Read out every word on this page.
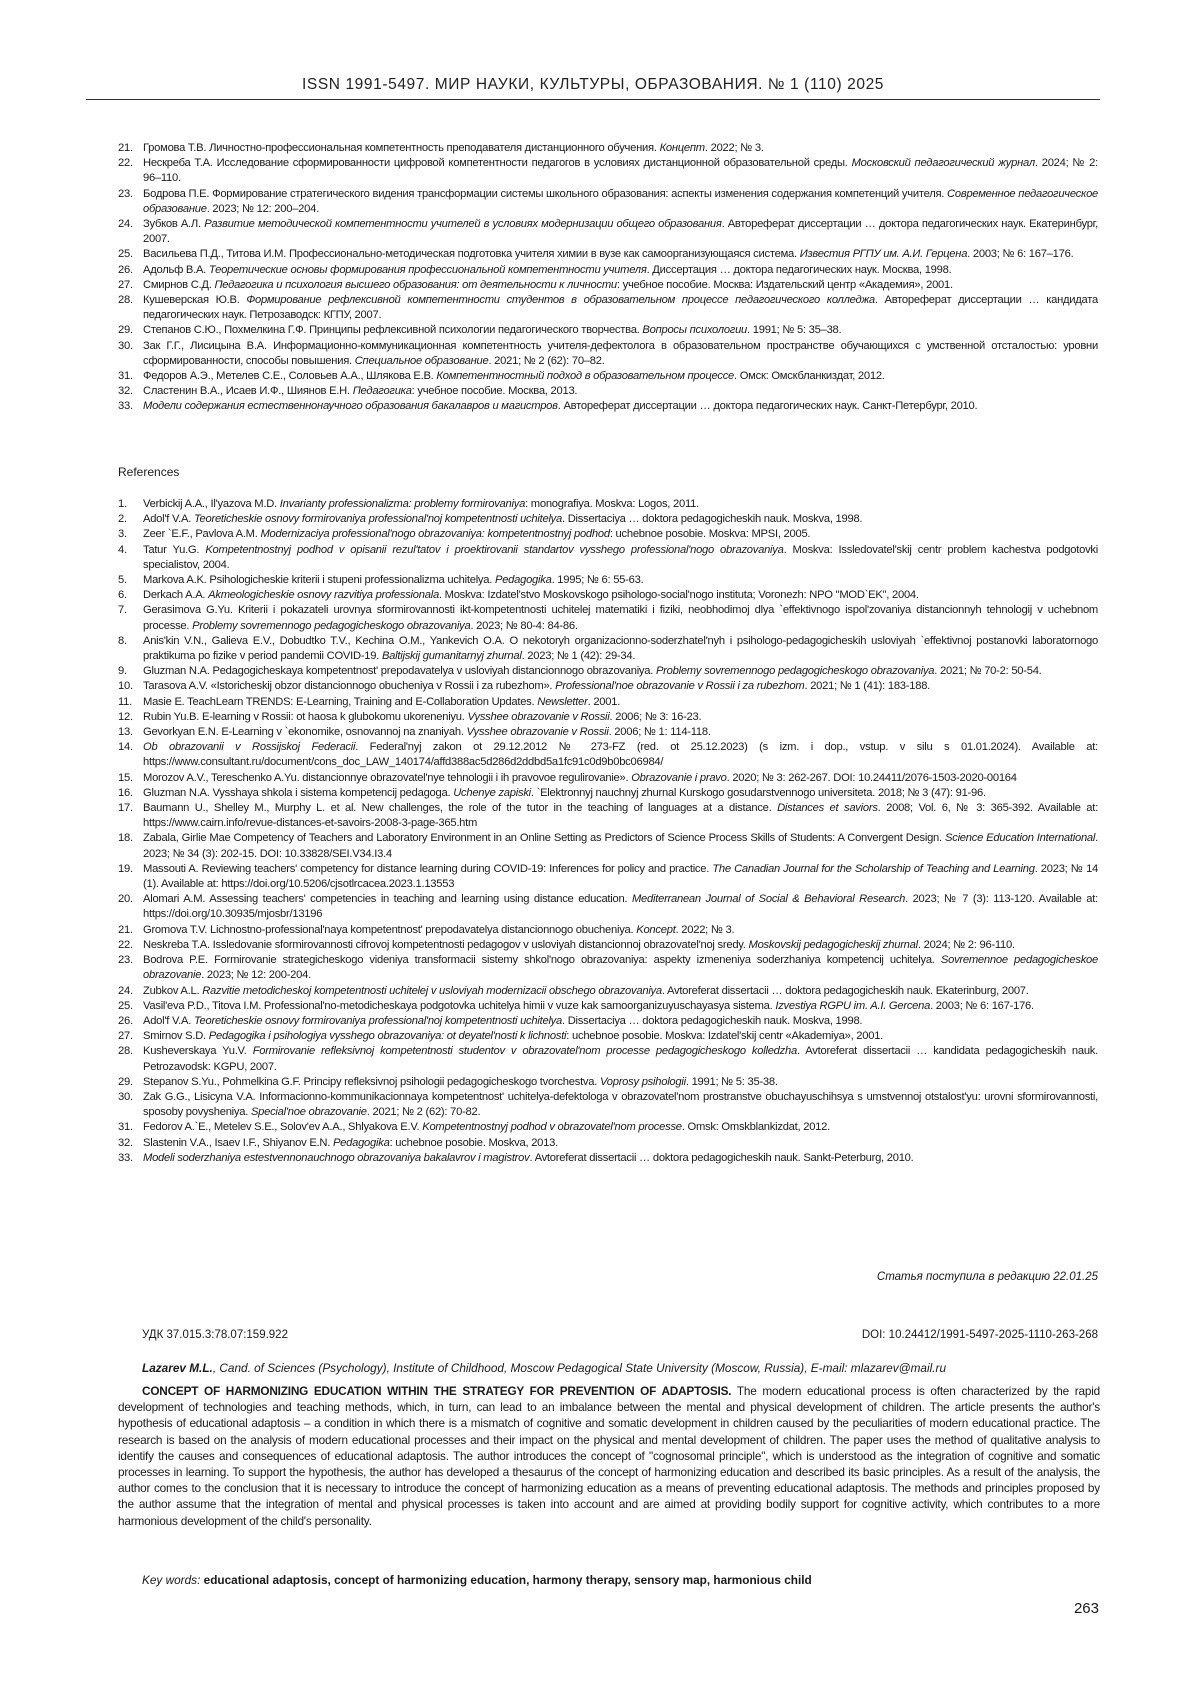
ISSN 1991-5497. МИР НАУКИ, КУЛЬТУРЫ, ОБРАЗОВАНИЯ. № 1 (110) 2025
21. Громова Т.В. Личностно-профессиональная компетентность преподавателя дистанционного обучения. Концепт. 2022; № 3.
22. Нескреба Т.А. Исследование сформированности цифровой компетентности педагогов в условиях дистанционной образовательной среды. Московский педагогический журнал. 2024; № 2: 96–110.
23. Бодрова П.Е. Формирование стратегического видения трансформации системы школьного образования: аспекты изменения содержания компетенций учителя. Современное педагогическое образование. 2023; № 12: 200–204.
24. Зубков А.Л. Развитие методической компетентности учителей в условиях модернизации общего образования. Автореферат диссертации … доктора педагогических наук. Екатеринбург, 2007.
25. Васильева П.Д., Титова И.М. Профессионально-методическая подготовка учителя химии в вузе как самоорганизующаяся система. Известия РГПУ им. А.И. Герцена. 2003; № 6: 167–176.
26. Адольф В.А. Теоретические основы формирования профессиональной компетентности учителя. Диссертация … доктора педагогических наук. Москва, 1998.
27. Смирнов С.Д. Педагогика и психология высшего образования: от деятельности к личности: учебное пособие. Москва: Издательский центр «Академия», 2001.
28. Кушеверская Ю.В. Формирование рефлексивной компетентности студентов в образовательном процессе педагогического колледжа. Автореферат диссертации … кандидата педагогических наук. Петрозаводск: КГПУ, 2007.
29. Степанов С.Ю., Похмелкина Г.Ф. Принципы рефлексивной психологии педагогического творчества. Вопросы психологии. 1991; № 5: 35–38.
30. Зак Г.Г., Лисицына В.А. Информационно-коммуникационная компетентность учителя-дефектолога в образовательном пространстве обучающихся с умственной отсталостью: уровни сформированности, способы повышения. Специальное образование. 2021; № 2 (62): 70–82.
31. Федоров А.Э., Метелев С.Е., Соловьев А.А., Шлякова Е.В. Компетентностный подход в образовательном процессе. Омск: Омскбланкиздат, 2012.
32. Сластенин В.А., Исаев И.Ф., Шиянов Е.Н. Педагогика: учебное пособие. Москва, 2013.
33. Модели содержания естественнонаучного образования бакалавров и магистров. Автореферат диссертации … доктора педагогических наук. Санкт-Петербург, 2010.
References
1. Verbickij A.A., Il'yazova M.D. Invarianty professionalizma: problemy formirovaniya: monografiya. Moskva: Logos, 2011.
2. Adol'f V.A. Teoreticheskie osnovy formirovaniya professional'noj kompetentnosti uchitelya. Dissertaciya … doktora pedagogicheskih nauk. Moskva, 1998.
3. Zeer `E.F., Pavlova A.M. Modernizaciya professional'nogo obrazovaniya: kompetentnostnyj podhod: uchebnoe posobie. Moskva: MPSI, 2005.
4. Tatur Yu.G. Kompetentnostnyj podhod v opisanii rezul'tatov i proektirovanii standartov vysshego professional'nogo obrazovaniya. Moskva: Issledovatel'skij centr problem kachestva podgotovki specialistov, 2004.
5. Markova A.K. Psihologicheskie kriterii i stupeni professionalizma uchitelya. Pedagogika. 1995; № 6: 55-63.
6. Derkach A.A. Akmeologicheskie osnovy razvitiya professionala. Moskva: Izdatel'stvo Moskovskogo psihologo-social'nogo instituta; Voronezh: NPO "MOD`EK", 2004.
7. Gerasimova G.Yu. Kriterii i pokazateli urovnya sformirovannosti ikt-kompetentnosti uchitelej matematiki i fiziki, neobhodimoj dlya `effektivnogo ispol'zovaniya distancionnyh tehnologij v uchebnom processe. Problemy sovremennogo pedagogicheskogo obrazovaniya. 2023; № 80-4: 84-86.
8. Anis'kin V.N., Galieva E.V., Dobudtko T.V., Kechina O.M., Yankevich O.A. O nekotoryh organizacionno-soderzhatel'nyh i psihologo-pedagogicheskih usloviyah `effektivnoj postanovki laboratornogo praktikuma po fizike v period pandemii COVID-19. Baltijskij gumanitarnyj zhurnal. 2023; № 1 (42): 29-34.
9. Gluzman N.A. Pedagogicheskaya kompetentnost' prepodavatelya v usloviyah distancionnogo obrazovaniya. Problemy sovremennogo pedagogicheskogo obrazovaniya. 2021; № 70-2: 50-54.
10. Tarasova A.V. «Istoricheskij obzor distancionnogo obucheniya v Rossii i za rubezhom». Professional'noe obrazovanie v Rossii i za rubezhom. 2021; № 1 (41): 183-188.
11. Masie E. TeachLearn TRENDS: E-Learning, Training and E-Collaboration Updates. Newsletter. 2001.
12. Rubin Yu.B. E-learning v Rossii: ot haosa k glubokomu ukoreneniyu. Vysshee obrazovanie v Rossii. 2006; № 3: 16-23.
13. Gevorkyan E.N. E-Learning v `ekonomike, osnovannoj na znaniyah. Vysshee obrazovanie v Rossii. 2006; № 1: 114-118.
14. Ob obrazovanii v Rossijskoj Federacii. Federal'nyj zakon ot 29.12.2012 № 273-FZ (red. ot 25.12.2023) (s izm. i dop., vstup. v silu s 01.01.2024). Available at: https://www.consultant.ru/document/cons_doc_LAW_140174/affd388ac5d286d2ddbd5a1fc91c0d9b0bc06984/
15. Morozov A.V., Tereschenko A.Yu. distancionnye obrazovatel'nye tehnologii i ih pravovoe regulirovanie». Obrazovanie i pravo. 2020; № 3: 262-267. DOI: 10.24411/2076-1503-2020-00164
16. Gluzman N.A. Vysshaya shkola i sistema kompetencij pedagoga. Uchenye zapiski. `Elektronnyj nauchnyj zhurnal Kurskogo gosudarstvennogo universiteta. 2018; № 3 (47): 91-96.
17. Baumann U., Shelley M., Murphy L. et al. New challenges, the role of the tutor in the teaching of languages at a distance. Distances et saviors. 2008; Vol. 6, № 3: 365-392. Available at: https://www.cairn.info/revue-distances-et-savoirs-2008-3-page-365.htm
18. Zabala, Girlie Mae Competency of Teachers and Laboratory Environment in an Online Setting as Predictors of Science Process Skills of Students: A Convergent Design. Science Education International. 2023; № 34 (3): 202-15. DOI: 10.33828/SEI.V34.I3.4
19. Massouti A. Reviewing teachers' competency for distance learning during COVID-19: Inferences for policy and practice. The Canadian Journal for the Scholarship of Teaching and Learning. 2023; № 14 (1). Available at: https://doi.org/10.5206/cjsotlrcacea.2023.1.13553
20. Alomari A.M. Assessing teachers' competencies in teaching and learning using distance education. Mediterranean Journal of Social & Behavioral Research. 2023; № 7 (3): 113-120. Available at: https://doi.org/10.30935/mjosbr/13196
21. Gromova T.V. Lichnostno-professional'naya kompetentnost' prepodavatelya distancionnogo obucheniya. Koncept. 2022; № 3.
22. Neskreba T.A. Issledovanie sformirovannosti cifrovoj kompetentnosti pedagogov v usloviyah distancionnoj obrazovatel'noj sredy. Moskovskij pedagogicheskij zhurnal. 2024; № 2: 96-110.
23. Bodrova P.E. Formirovanie strategicheskogo videniya transformacii sistemy shkol'nogo obrazovaniya: aspekty izmeneniya soderzhaniya kompetencij uchitelya. Sovremennoe pedagogicheskoe obrazovanie. 2023; № 12: 200-204.
24. Zubkov A.L. Razvitie metodicheskoj kompetentnosti uchitelej v usloviyah modernizacii obschego obrazovaniya. Avtoreferat dissertacii … doktora pedagogicheskih nauk. Ekaterinburg, 2007.
25. Vasil'eva P.D., Titova I.M. Professional'no-metodicheskaya podgotovka uchitelya himii v vuze kak samoorganizuyuschayasya sistema. Izvestiya RGPU im. A.I. Gercena. 2003; № 6: 167-176.
26. Adol'f V.A. Teoreticheskie osnovy formirovaniya professional'noj kompetentnosti uchitelya. Dissertaciya … doktora pedagogicheskih nauk. Moskva, 1998.
27. Smirnov S.D. Pedagogika i psihologiya vysshego obrazovaniya: ot deyatel'nosti k lichnosti: uchebnoe posobie. Moskva: Izdatel'skij centr «Akademiya», 2001.
28. Kusheverskaya Yu.V. Formirovanie refleksivnoj kompetentnosti studentov v obrazovatel'nom processe pedagogicheskogo kolledzha. Avtoreferat dissertacii … kandidata pedagogicheskih nauk. Petrozavodsk: KGPU, 2007.
29. Stepanov S.Yu., Pohmelkina G.F. Principy refleksivnoj psihologii pedagogicheskogo tvorchestva. Voprosy psihologii. 1991; № 5: 35-38.
30. Zak G.G., Lisicyna V.A. Informacionno-kommunikacionnaya kompetentnost' uchitelya-defektologa v obrazovatel'nom prostranstve obuchayuschihsya s umstvennoj otstalost'yu: urovni sformirovannosti, sposoby povysheniya. Special'noe obrazovanie. 2021; № 2 (62): 70-82.
31. Fedorov A.`E., Metelev S.E., Solov'ev A.A., Shlyakova E.V. Kompetentnostnyj podhod v obrazovatel'nom processe. Omsk: Omskblankizdat, 2012.
32. Slastenin V.A., Isaev I.F., Shiyanov E.N. Pedagogika: uchebnoe posobie. Moskva, 2013.
33. Modeli soderzhaniya estestvennonauchnogo obrazovaniya bakalavrov i magistrov. Avtoreferat dissertacii … doktora pedagogicheskih nauk. Sankt-Peterburg, 2010.
Статья поступила в редакцию 22.01.25
УДК 37.015.3:78.07:159.922	DOI: 10.24412/1991-5497-2025-1110-263-268
Lazarev M.L., Cand. of Sciences (Psychology), Institute of Childhood, Moscow Pedagogical State University (Moscow, Russia), E-mail: mlazarev@mail.ru

CONCEPT OF HARMONIZING EDUCATION WITHIN THE STRATEGY FOR PREVENTION OF ADAPTOSIS. The modern educational process is often characterized by the rapid development of technologies and teaching methods, which, in turn, can lead to an imbalance between the mental and physical development of children. The article presents the author's hypothesis of educational adaptosis – a condition in which there is a mismatch of cognitive and somatic development in children caused by the peculiarities of modern educational practice. The research is based on the analysis of modern educational processes and their impact on the physical and mental development of children. The paper uses the method of qualitative analysis to identify the causes and consequences of educational adaptosis. The author introduces the concept of "cognosomal principle", which is understood as the integration of cognitive and somatic processes in learning. To support the hypothesis, the author has developed a thesaurus of the concept of harmonizing education and described its basic principles. As a result of the analysis, the author comes to the conclusion that it is necessary to introduce the concept of harmonizing education as a means of preventing educational adaptosis. The methods and principles proposed by the author assume that the integration of mental and physical processes is taken into account and are aimed at providing bodily support for cognitive activity, which contributes to a more harmonious development of the child's personality.

Key words: educational adaptosis, concept of harmonizing education, harmony therapy, sensory map, harmonious child
263
